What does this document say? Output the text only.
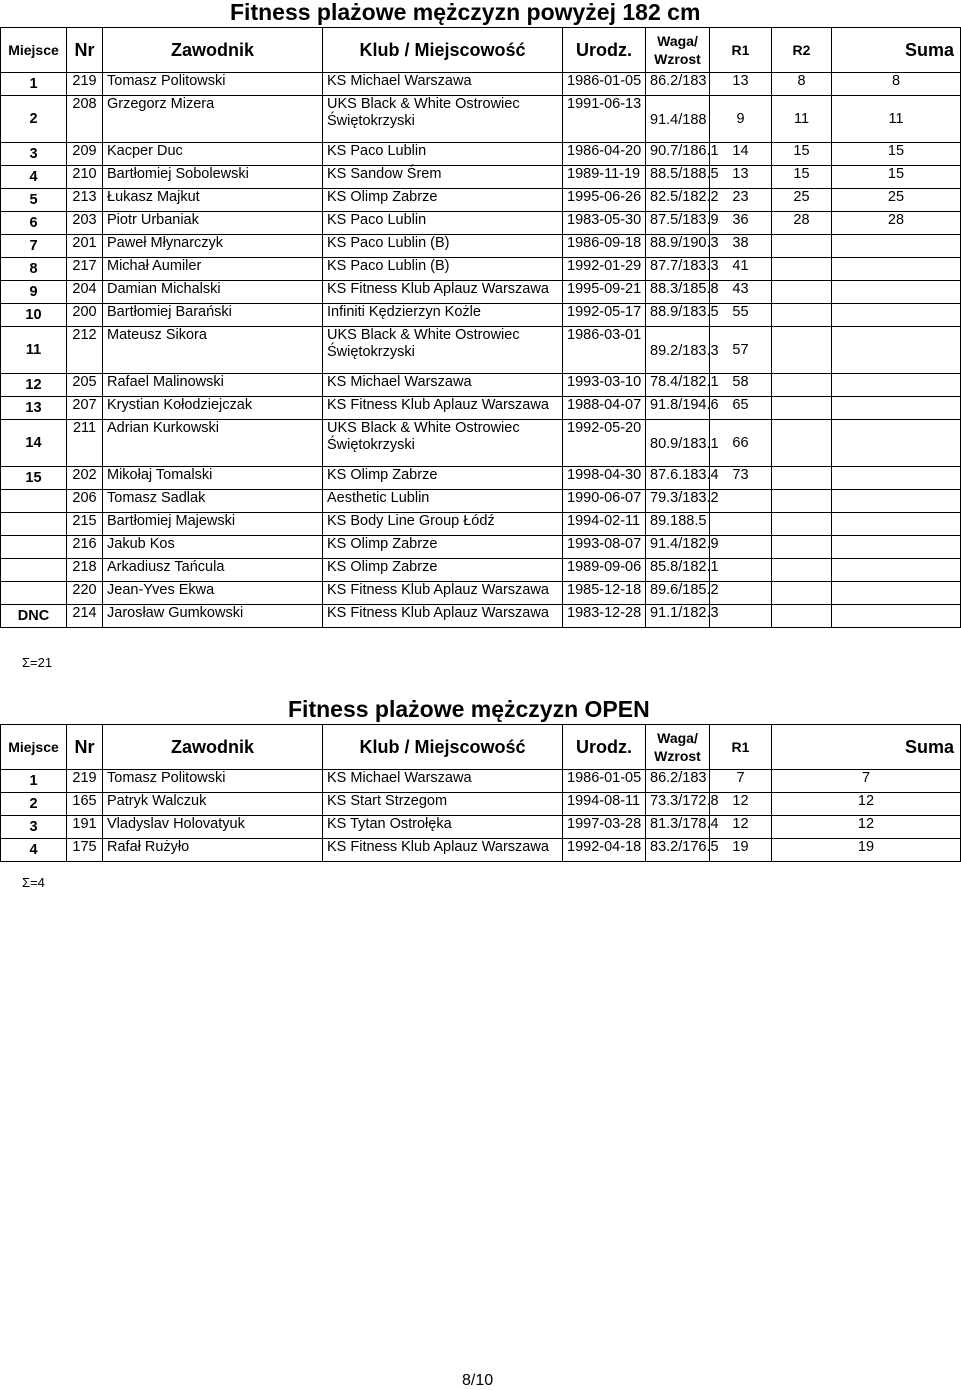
Fitness plażowe mężczyzn powyżej 182 cm
Miejsce	Nr	Zawodnik	Klub / Miejscowość	Urodz.	Waga/
Wzrost	R1	R2	Suma
1	219	Tomasz Politowski	KS Michael Warszawa	1986-01-05	86.2/183	13	8	8
2	208	Grzegorz Mizera	UKS Black & White Ostrowiec Świętokrzyski	1991-06-13	91.4/188	9	11	11
3	209	Kacper Duc	KS Paco Lublin	1986-04-20	90.7/186.1	14	15	15
4	210	Bartłomiej Sobolewski	KS Sandow Śrem	1989-11-19	88.5/188.5	13	15	15
5	213	Łukasz Majkut	KS Olimp Zabrze	1995-06-26	82.5/182.2	23	25	25
6	203	Piotr Urbaniak	KS Paco Lublin	1983-05-30	87.5/183.9	36	28	28
7	201	Paweł Młynarczyk	KS Paco Lublin (B)	1986-09-18	88.9/190.3	38		
8	217	Michał Aumiler	KS Paco Lublin (B)	1992-01-29	87.7/183.3	41		
9	204	Damian Michalski	KS Fitness Klub Aplauz Warszawa	1995-09-21	88.3/185.8	43		
10	200	Bartłomiej Barański	Infiniti Kędzierzyn Kożle	1992-05-17	88.9/183.5	55		
11	212	Mateusz Sikora	UKS Black & White Ostrowiec Świętokrzyski	1986-03-01	89.2/183.3	57		
12	205	Rafael Malinowski	KS Michael Warszawa	1993-03-10	78.4/182.1	58		
13	207	Krystian Kołodziejczak	KS Fitness Klub Aplauz Warszawa	1988-04-07	91.8/194.6	65		
14	211	Adrian Kurkowski	UKS Black & White Ostrowiec Świętokrzyski	1992-05-20	80.9/183.1	66		
15	202	Mikołaj Tomalski	KS Olimp Zabrze	1998-04-30	87.6.183.4	73		
	206	Tomasz Sadlak	Aesthetic Lublin	1990-06-07	79.3/183.2			
	215	Bartłomiej Majewski	KS Body Line Group Łódź	1994-02-11	89.188.5			
	216	Jakub Kos	KS Olimp Zabrze	1993-08-07	91.4/182.9			
	218	Arkadiusz Tańcula	KS Olimp Zabrze	1989-09-06	85.8/182.1			
	220	Jean-Yves Ekwa	KS Fitness Klub Aplauz Warszawa	1985-12-18	89.6/185.2			
DNC	214	Jarosław Gumkowski	KS Fitness Klub Aplauz Warszawa	1983-12-28	91.1/182.3			
Σ=21
Fitness plażowe mężczyzn OPEN
Miejsce	Nr	Zawodnik	Klub / Miejscowość	Urodz.	Waga/
Wzrost	R1	Suma
1	219	Tomasz Politowski	KS Michael Warszawa	1986-01-05	86.2/183	7	7
2	165	Patryk Walczuk	KS Start Strzegom	1994-08-11	73.3/172.8	12	12
3	191	Vladyslav Holovatyuk	KS Tytan Ostrołęka	1997-03-28	81.3/178.4	12	12
4	175	Rafał Rużyło	KS Fitness Klub Aplauz Warszawa	1992-04-18	83.2/176.5	19	19
Σ=4
8/10
